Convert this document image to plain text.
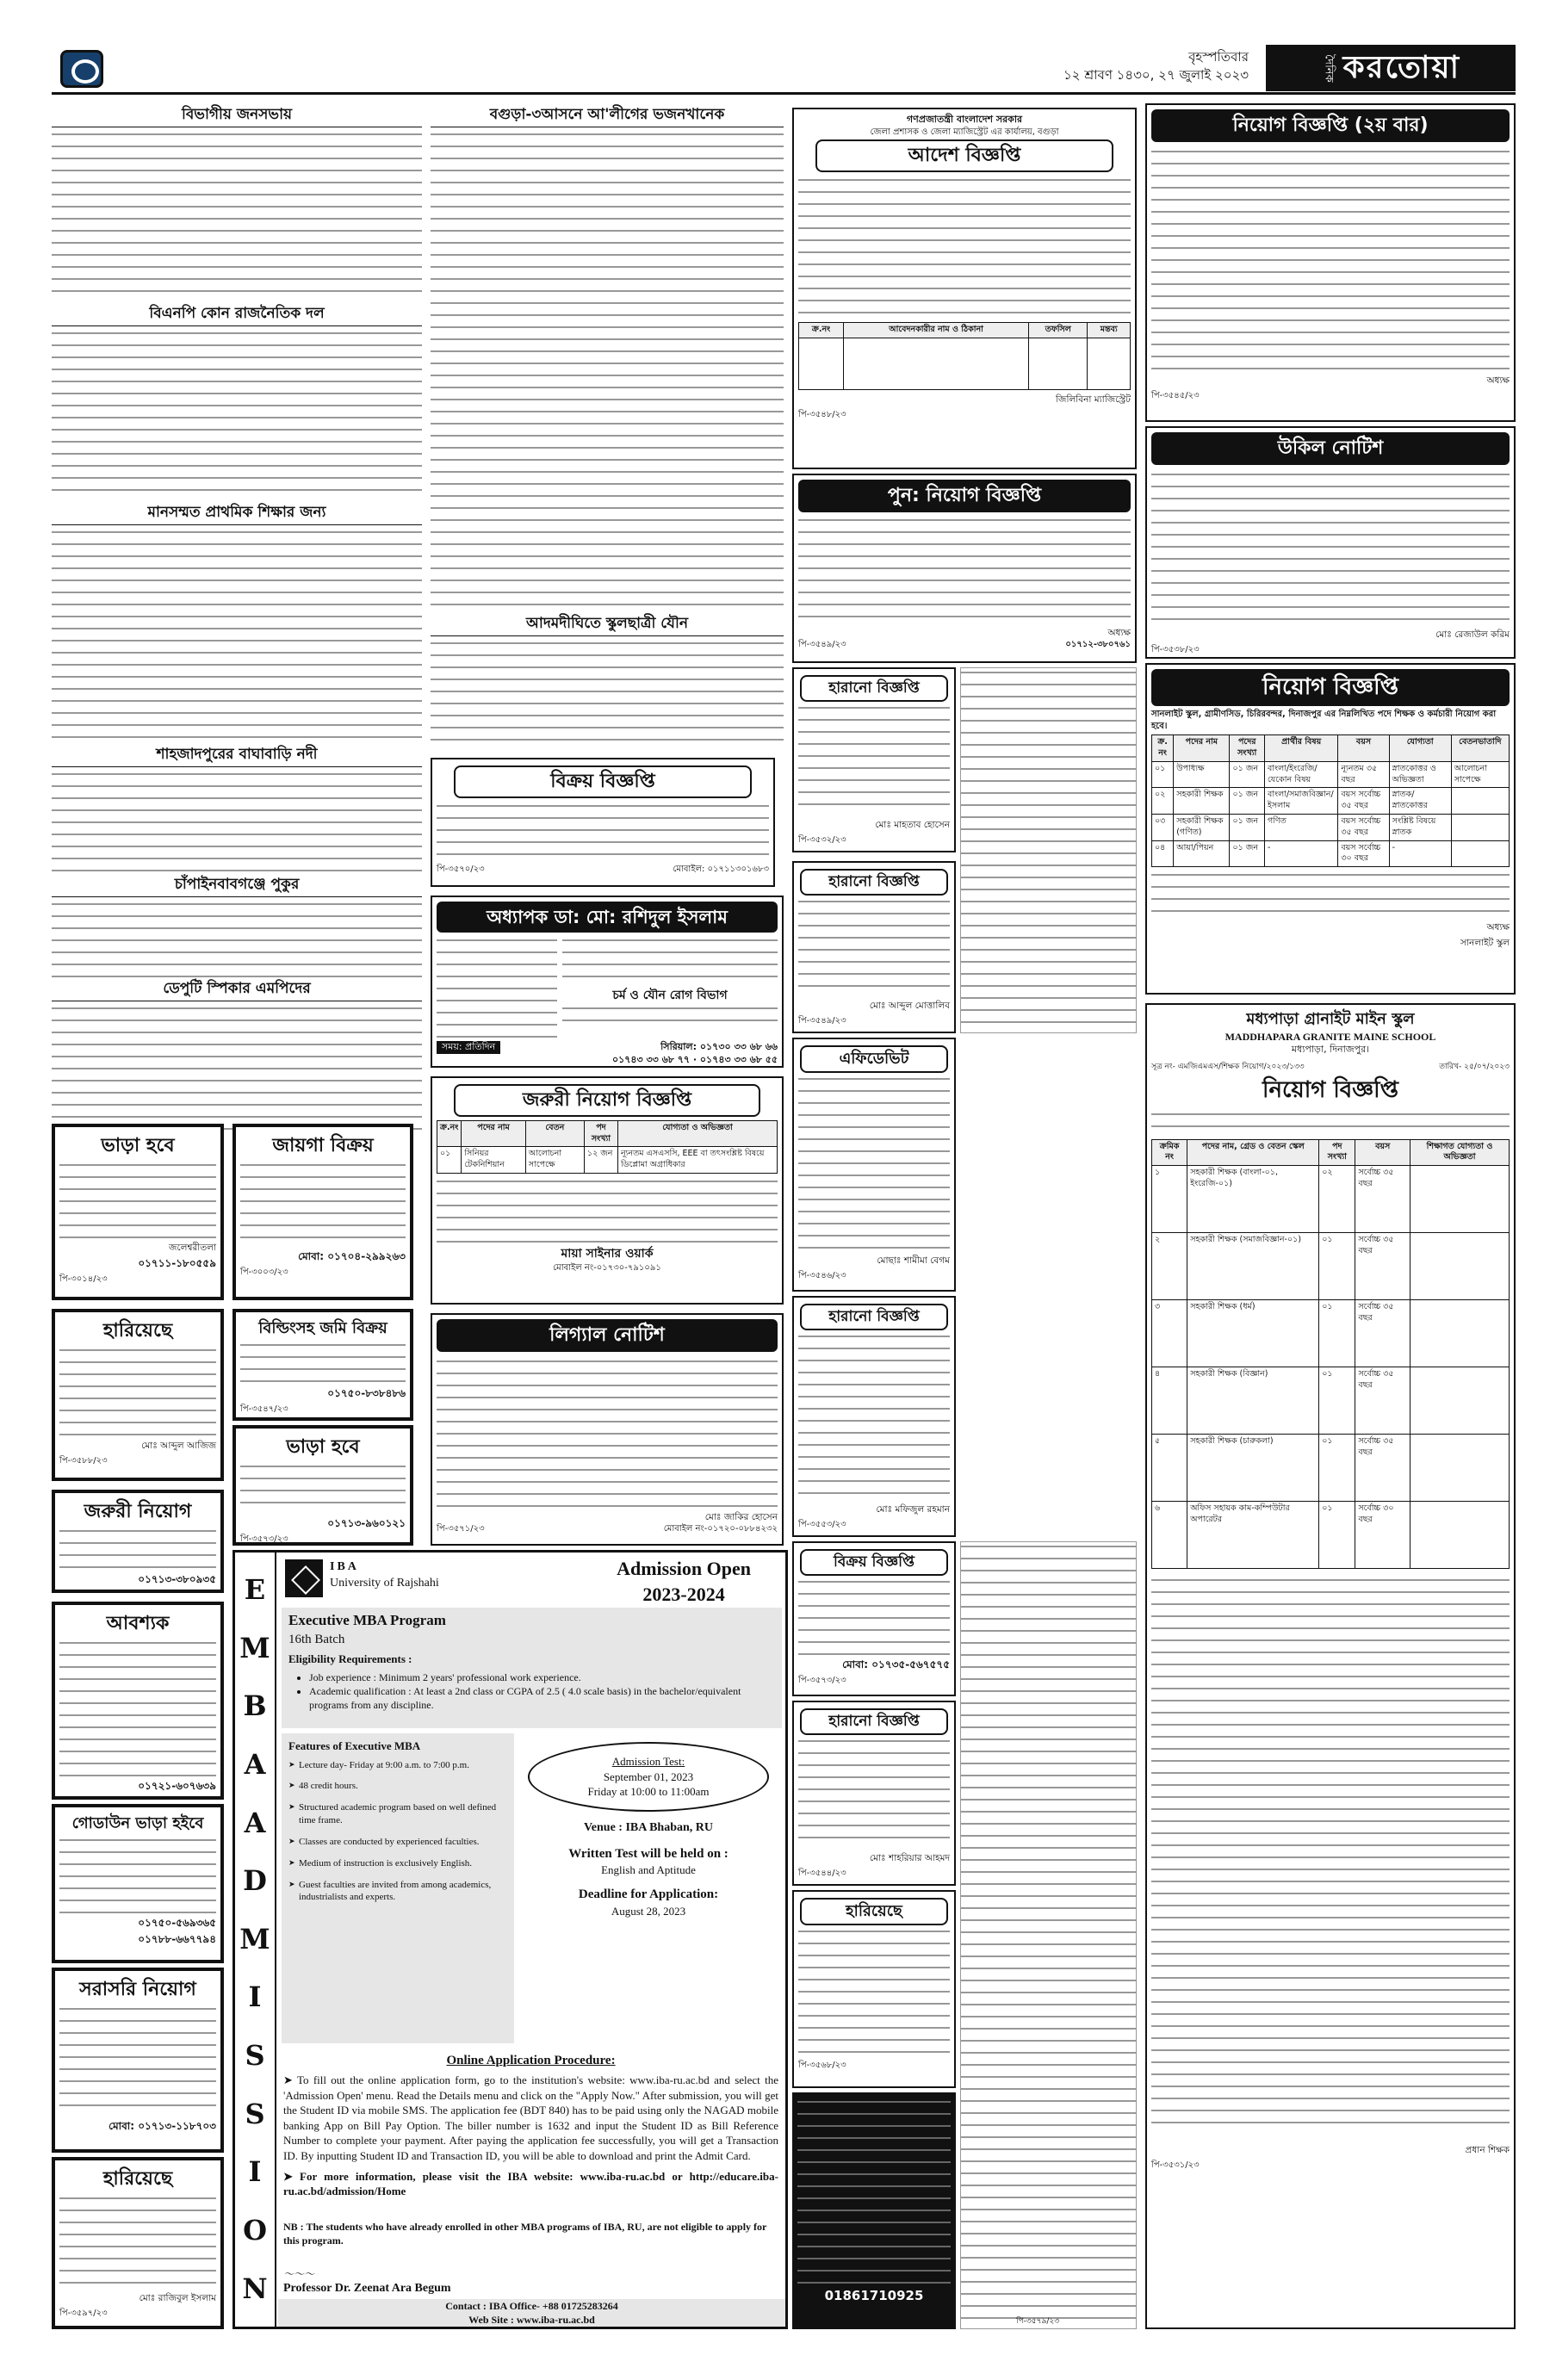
বৃহস্পতিবার
১২ শ্রাবণ ১৪৩০, ২৭ জুলাই ২০২৩	দৈনিক করতোয়া
বিভাগীয় জনসভায়
বিএনপি কোন রাজনৈতিক দল
মানসম্মত প্রাথমিক শিক্ষার জন্য
শাহজাদপুরের বাঘাবাড়ি নদী
চাঁপাইনবাবগঞ্জে পুকুর
ডেপুটি স্পিকার এমপিদের
বগুড়া-৩আসনে আ'লীগের ভজনখানেক
আদমদীঘিতে স্কুলছাত্রী যৌন
বিক্রয় বিজ্ঞপ্তি
পি-৩৫৭০/২৩	মোবাইল: ০১৭১১৩০১৬৮৩
অধ্যাপক ডা: মো: রশিদুল ইসলাম
চর্ম ও যৌন রোগ বিভাগ
সময়: প্রতিদিন	সিরিয়াল: ০১৭৩০ ৩৩ ৬৮ ৬৬
০১৭৪৩ ৩৩ ৬৮ ৭৭ · ০১৭৪৩ ৩৩ ৬৮ ৫৫
জরুরী নিয়োগ বিজ্ঞপ্তি
ক্র.নং	পদের নাম	বেতন	পদ সংখ্যা	যোগ্যতা ও অভিজ্ঞতা
০১	সিনিয়র টেকনিশিয়ান	আলোচনা সাপেক্ষে	১২ জন	ন্যূনতম এসএসসি, EEE বা তৎসংশ্লিষ্ট বিষয়ে ডিপ্লোমা অগ্রাধিকার
মায়া সাইনার ওয়ার্ক
মোবাইল নং-০১৭৩০-৭৯১০৯১
লিগ্যাল নোটিশ
মোঃ জাকির হোসেন
পি-৩৫৭১/২৩	মোবাইল নং-০১৭২০-০৮৮৪২৩২
ভাড়া হবে
জলেশ্বরীতলা
০১৭১১-১৮০৫৫৯
পি-৩০১৪/২৩
জায়গা বিক্রয়
মোবা: ০১৭০৪-২৯৯২৬৩
পি-৩০০৩/২৩
হারিয়েছে
মোঃ আব্দুল আজিজ
পি-৩৫৮৮/২৩
বিল্ডিংসহ জমি বিক্রয়
০১৭৫০-৮৩৮৪৮৬
পি-৩৫৪৭/২৩
ভাড়া হবে
০১৭১৩-৯৬০১২১
পি-৩৫৭৩/২৩
জরুরী নিয়োগ
০১৭১৩-৩৮০৯৩৫
আবশ্যক
০১৭২১-৬০৭৬৩৯
গোডাউন ভাড়া হইবে
০১৭৫০-৫৬৯৩৬৫
০১৭৮৮-৬৬৭৭৯৪
সরাসরি নিয়োগ
মোবা: ০১৭১৩-১১৮৭০৩
হারিয়েছে
মোঃ রাজিবুল ইসলাম
পি-৩৫৯৭/২৩
E
M
B
A
A
D
M
I
S
S
I
O
N
IBA
University of Rajshahi
Admission Open
2023-2024
Executive MBA Program
16th Batch
Eligibility Requirements :
• Job experience : Minimum 2 years' professional work experience.
• Academic qualification : At least a 2nd class or CGPA of 2.5 ( 4.0 scale basis) in the bachelor/equivalent programs from any discipline.
Features of Executive MBA
➤ Lecture day- Friday at 9:00 a.m. to 7:00 p.m.
➤ 48 credit hours.
➤ Structured academic program based on well defined time frame.
➤ Classes are conducted by experienced faculties.
➤ Medium of instruction is exclusively English.
➤ Guest faculties are invited from among academics, industrialists and experts.
Admission Test:
September 01, 2023
Friday at 10:00 to 11:00am
Venue : IBA Bhaban, RU
Written Test will be held on :
English and Aptitude
Deadline for Application:
August 28, 2023
Online Application Procedure:

➤ To fill out the online application form, go to the institution's website: www.iba-ru.ac.bd and select the 'Admission Open' menu. Read the Details menu and click on the "Apply Now." After submission, you will get the Student ID via mobile SMS. The application fee (BDT 840) has to be paid using only the NAGAD mobile banking App on Bill Pay Option. The biller number is 1632 and input the Student ID as Bill Reference Number to complete your payment. After paying the application fee successfully, you will get a Transaction ID. By inputting Student ID and Transaction ID, you will be able to download and print the Admit Card.

➤ For more information, please visit the IBA website: www.iba-ru.ac.bd or http://educare.iba-ru.ac.bd/admission/Home

NB : The students who have already enrolled in other MBA programs of IBA, RU, are not eligible to apply for this program.
～～～
Professor Dr. Zeenat Ara Begum
Contact : IBA Office- +88 01725283264
Web Site : www.iba-ru.ac.bd
গণপ্রজাতন্ত্রী বাংলাদেশ সরকার
জেলা প্রশাসক ও জেলা ম্যাজিস্ট্রেট এর কার্যালয়, বগুড়া
আদেশ বিজ্ঞপ্তি
ক্র.নং	আবেদনকারীর নাম ও ঠিকানা	তফসিল	মন্তব্য

জিলিবিনা ম্যাজিস্ট্রেট
পি-৩৫৪৮/২৩
পুন: নিয়োগ বিজ্ঞপ্তি
অধ্যক্ষ
পি-৩৫৪৯/২৩	০১৭১২-৩৮০৭৬১
হারানো বিজ্ঞপ্তি
মোঃ মাহতাব হোসেন
পি-৩৫৩২/২৩
হারানো বিজ্ঞপ্তি
মোঃ আব্দুল মোত্তালিব
পি-৩৫৪৯/২৩
এফিডেভিট
মোছাঃ শামীমা বেগম
পি-৩৫৪৬/২৩
হারানো বিজ্ঞপ্তি
মোঃ মফিজুল রহমান
পি-৩৫৫৩/২৩
বিক্রয় বিজ্ঞপ্তি
মোবা: ০১৭৩৫-৫৬৭৫৭৫
পি-৩৫৭৩/২৩
হারানো বিজ্ঞপ্তি
মোঃ শাহরিয়ার আহমদ
পি-৩৫৪৪/২৩
হারিয়েছে
পি-৩৫৬৮/২৩
01861710925
পি-৩৫৭৯/২৩
নিয়োগ বিজ্ঞপ্তি (২য় বার)
অধ্যক্ষ
পি-৩৫৪৫/২৩
উকিল নোটিশ
মোঃ রেজাউল করিম
পি-৩৫৩৮/২৩
নিয়োগ বিজ্ঞপ্তি
সানলাইট স্কুল, গ্রামীণসিড, চিরিরবন্দর, দিনাজপুর এর নিম্নলিখিত পদে শিক্ষক ও কর্মচারী নিয়োগ করা হবে।
ক্র. নং	পদের নাম	পদের সংখ্যা	প্রার্থীর বিষয়	বয়স	যোগ্যতা	বেতনভাতাদি
০১	উপাধ্যক্ষ	০১ জন	বাংলা/ইংরেজি/যেকোন বিষয়	ন্যূনতম ৩৫ বছর	স্নাতকোত্তর ও অভিজ্ঞতা	আলোচনা সাপেক্ষে
০২	সহকারী শিক্ষক	০১ জন	বাংলা/সমাজবিজ্ঞান/ইসলাম	বয়স সর্বোচ্চ ৩৫ বছর	স্নাতক/স্নাতকোত্তর	
০৩	সহকারী শিক্ষক (গণিত)	০১ জন	গণিত	বয়স সর্বোচ্চ ৩৫ বছর	সংশ্লিষ্ট বিষয়ে স্নাতক	
০৪	আয়া/পিয়ন	০১ জন	-	বয়স সর্বোচ্চ ৩০ বছর	-	
অধ্যক্ষ
সানলাইট স্কুল
মধ্যপাড়া গ্রানাইট মাইন স্কুল
MADDHAPARA GRANITE MAINE SCHOOL
মধ্যপাড়া, দিনাজপুর।
সূত্র নং- এমজিএমএস/শিক্ষক নিয়োগ/২০২৩/১৩৩	তারিখ- ২৫/০৭/২০২৩
নিয়োগ বিজ্ঞপ্তি
ক্রমিক নং	পদের নাম, গ্রেড ও বেতন স্কেল	পদ সংখ্যা	বয়স	শিক্ষাগত যোগ্যতা ও অভিজ্ঞতা
১	সহকারী শিক্ষক (বাংলা-০১, ইংরেজি-০১)	০২	সর্বোচ্চ ৩৫ বছর	

২	সহকারী শিক্ষক (সমাজবিজ্ঞান-০১)	০১	সর্বোচ্চ ৩৫ বছর	

৩	সহকারী শিক্ষক (ধর্ম)	০১	সর্বোচ্চ ৩৫ বছর	

৪	সহকারী শিক্ষক (বিজ্ঞান)	০১	সর্বোচ্চ ৩৫ বছর	

৫	সহকারী শিক্ষক (চারুকলা)	০১	সর্বোচ্চ ৩৫ বছর	

৬	অফিস সহায়ক কাম-কম্পিউটার অপারেটর	০১	সর্বোচ্চ ৩০ বছর	
প্রধান শিক্ষক
পি-৩৫৩১/২৩
